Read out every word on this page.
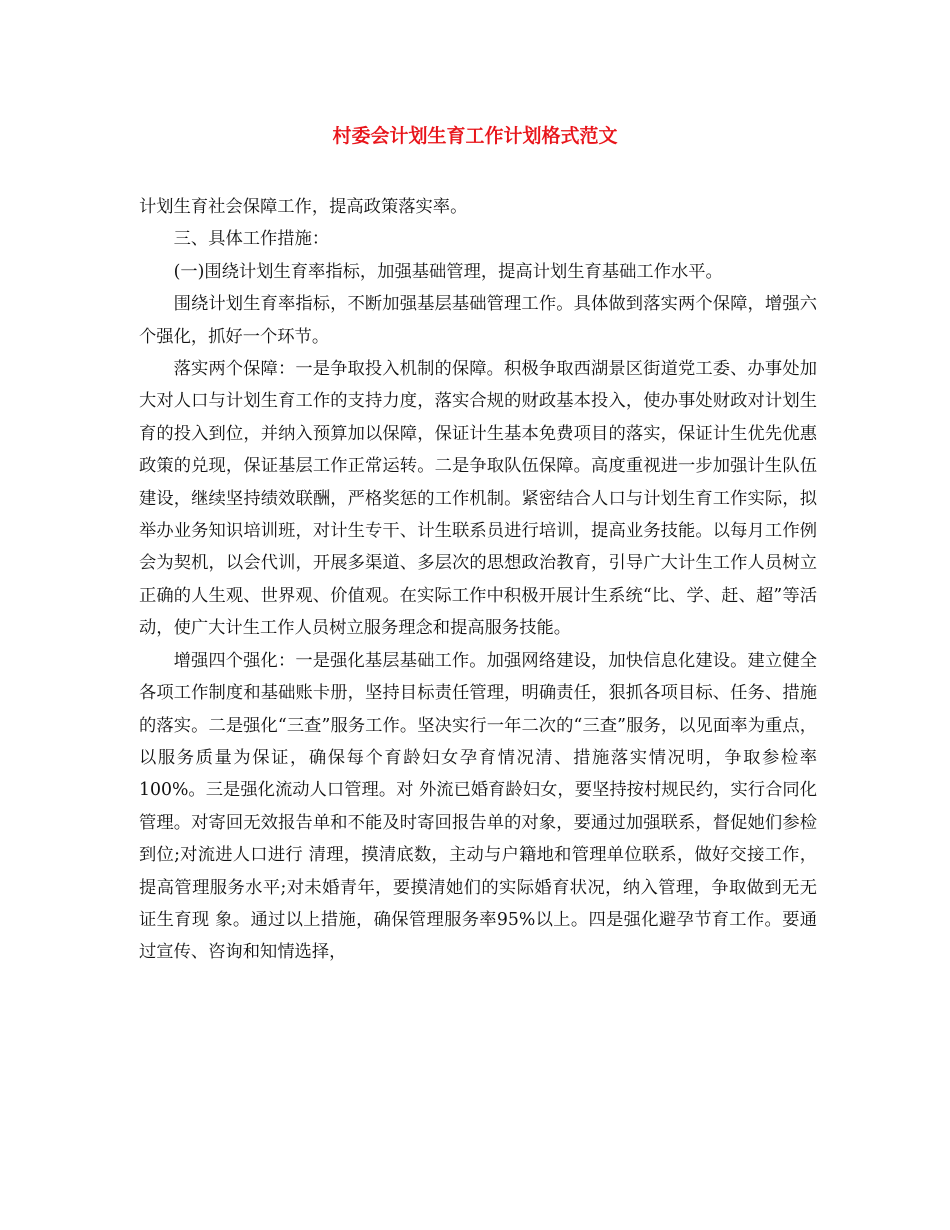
村委会计划生育工作计划格式范文

计划生育社会保障工作，提高政策落实率。

三、具体工作措施：

(一)围绕计划生育率指标，加强基础管理，提高计划生育基础工作水平。

围绕计划生育率指标，不断加强基层基础管理工作。具体做到落实两个保障，增强六个强化，抓好一个环节。

落实两个保障：一是争取投入机制的保障。积极争取西湖景区街道党工委、办事处加大对人口与计划生育工作的支持力度，落实合规的财政基本投入，使办事处财政对计划生育的投入到位，并纳入预算加以保障，保证计生基本免费项目的落实，保证计生优先优惠政策的兑现，保证基层工作正常运转。二是争取队伍保障。高度重视进一步加强计生队伍建设，继续坚持绩效联酬，严格奖惩的工作机制。紧密结合人口与计划生育工作实际，拟举办业务知识培训班，对计生专干、计生联系员进行培训，提高业务技能。以每月工作例会为契机，以会代训，开展多渠道、多层次的思想政治教育，引导广大计生工作人员树立正确的人生观、世界观、价值观。在实际工作中积极开展计生系统“比、学、赶、超”等活动，使广大计生工作人员树立服务理念和提高服务技能。

增强四个强化：一是强化基层基础工作。加强网络建设，加快信息化建设。建立健全各项工作制度和基础账卡册，坚持目标责任管理，明确责任，狠抓各项目标、任务、措施的落实。二是强化“三查”服务工作。坚决实行一年二次的“三查”服务，以见面率为重点，以服务质量为保证，确保每个育龄妇女孕育情况清、措施落实情况明，争取参检率100%。三是强化流动人口管理。对 外流已婚育龄妇女，要坚持按村规民约，实行合同化管理。对寄回无效报告单和不能及时寄回报告单的对象，要通过加强联系，督促她们参检到位;对流进人口进行 清理，摸清底数，主动与户籍地和管理单位联系，做好交接工作，提高管理服务水平;对未婚青年，要摸清她们的实际婚育状况，纳入管理，争取做到无无证生育现 象。通过以上措施，确保管理服务率95%以上。四是强化避孕节育工作。要通过宣传、咨询和知情选择，
